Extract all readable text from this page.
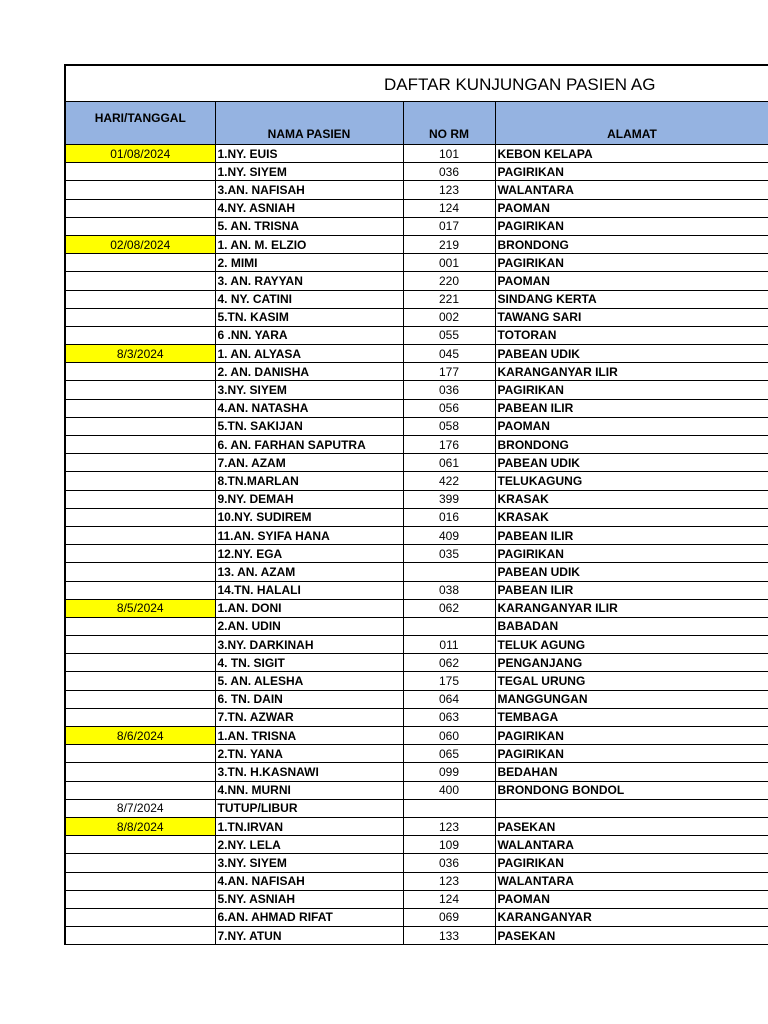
DAFTAR KUNJUNGAN PASIEN AG
HARI/TANGGAL	NAMA PASIEN	NO RM	ALAMAT
01/08/2024	1.NY. EUIS	101	KEBON KELAPA
	1.NY. SIYEM	036	PAGIRIKAN
	3.AN. NAFISAH	123	WALANTARA
	4.NY. ASNIAH	124	PAOMAN
	5. AN. TRISNA	017	PAGIRIKAN
02/08/2024	1. AN. M. ELZIO	219	BRONDONG
	2. MIMI	001	PAGIRIKAN
	3. AN. RAYYAN	220	PAOMAN
	4. NY. CATINI	221	SINDANG KERTA
	5.TN. KASIM	002	TAWANG SARI
	6 .NN. YARA	055	TOTORAN
8/3/2024	1. AN. ALYASA	045	PABEAN UDIK
	2. AN. DANISHA	177	KARANGANYAR ILIR
	3.NY. SIYEM	036	PAGIRIKAN
	4.AN. NATASHA	056	PABEAN ILIR
	5.TN. SAKIJAN	058	PAOMAN
	6. AN. FARHAN SAPUTRA	176	BRONDONG
	7.AN. AZAM	061	PABEAN UDIK
	8.TN.MARLAN	422	TELUKAGUNG
	9.NY. DEMAH	399	KRASAK
	10.NY. SUDIREM	016	KRASAK
	11.AN. SYIFA HANA	409	PABEAN ILIR
	12.NY. EGA	035	PAGIRIKAN
	13. AN. AZAM		PABEAN UDIK
	14.TN. HALALI	038	PABEAN ILIR
8/5/2024	1.AN. DONI	062	KARANGANYAR ILIR
	2.AN. UDIN		BABADAN
	3.NY. DARKINAH	011	TELUK AGUNG
	4. TN. SIGIT	062	PENGANJANG
	5. AN. ALESHA	175	TEGAL URUNG
	6. TN. DAIN	064	MANGGUNGAN
	7.TN. AZWAR	063	TEMBAGA
8/6/2024	1.AN. TRISNA	060	PAGIRIKAN
	2.TN. YANA	065	PAGIRIKAN
	3.TN. H.KASNAWI	099	BEDAHAN
	4.NN. MURNI	400	BRONDONG BONDOL
8/7/2024	TUTUP/LIBUR		
8/8/2024	1.TN.IRVAN	123	PASEKAN
	2.NY. LELA	109	WALANTARA
	3.NY. SIYEM	036	PAGIRIKAN
	4.AN. NAFISAH	123	WALANTARA
	5.NY. ASNIAH	124	PAOMAN
	6.AN. AHMAD RIFAT	069	KARANGANYAR
	7.NY. ATUN	133	PASEKAN
